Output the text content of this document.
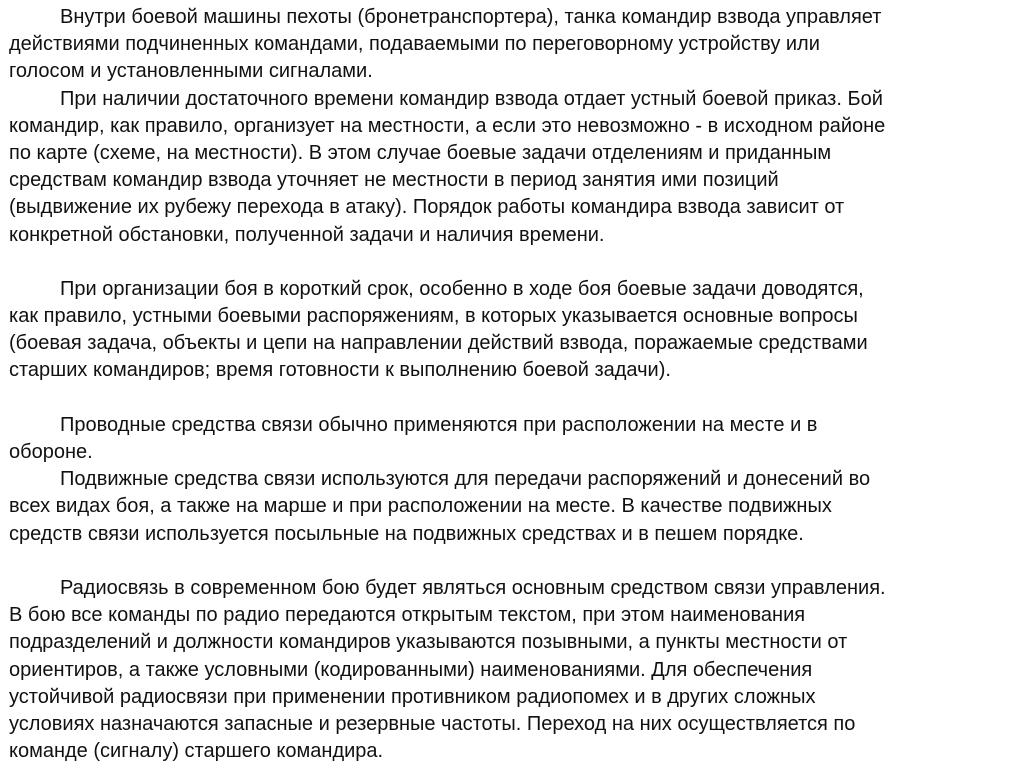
Внутри боевой машины пехоты (бронетранспортера), танка командир взвода управляет
действиями подчиненных командами, подаваемыми по переговорному устройству или
голосом и установленными сигналами.
При наличии достаточного времени командир взвода отдает устный боевой приказ. Бой
командир, как правило, организует на местности, а если это невозможно - в исходном районе
по карте (схеме, на местности). В этом случае боевые задачи отделениям и приданным
средствам командир взвода уточняет не местности в период занятия ими позиций
(выдвижение их рубежу перехода в атаку). Порядок работы командира взвода зависит от
конкретной обстановки, полученной задачи и наличия времени.
При организации боя в короткий срок, особенно в ходе боя боевые задачи доводятся,
как правило, устными боевыми распоряжениям, в которых указывается основные вопросы
(боевая задача, объекты и цепи на направлении действий взвода, поражаемые средствами
старших командиров; время готовности к выполнению боевой задачи).
Проводные средства связи обычно применяются при расположении на месте и в
обороне.
Подвижные средства связи используются для передачи распоряжений и донесений во
всех видах боя, а также на марше и при расположении на месте. В качестве подвижных
средств связи используется посыльные на подвижных средствах и в пешем порядке.
Радиосвязь в современном бою будет являться основным средством связи управления.
В бою все команды по радио передаются открытым текстом, при этом наименования
подразделений и должности командиров указываются позывными, а пункты местности от
ориентиров, а также условными (кодированными) наименованиями. Для обеспечения
устойчивой радиосвязи при применении противником радиопомех и в других сложных
условиях назначаются запасные и резервные частоты. Переход на них осуществляется по
команде (сигналу) старшего командира.
